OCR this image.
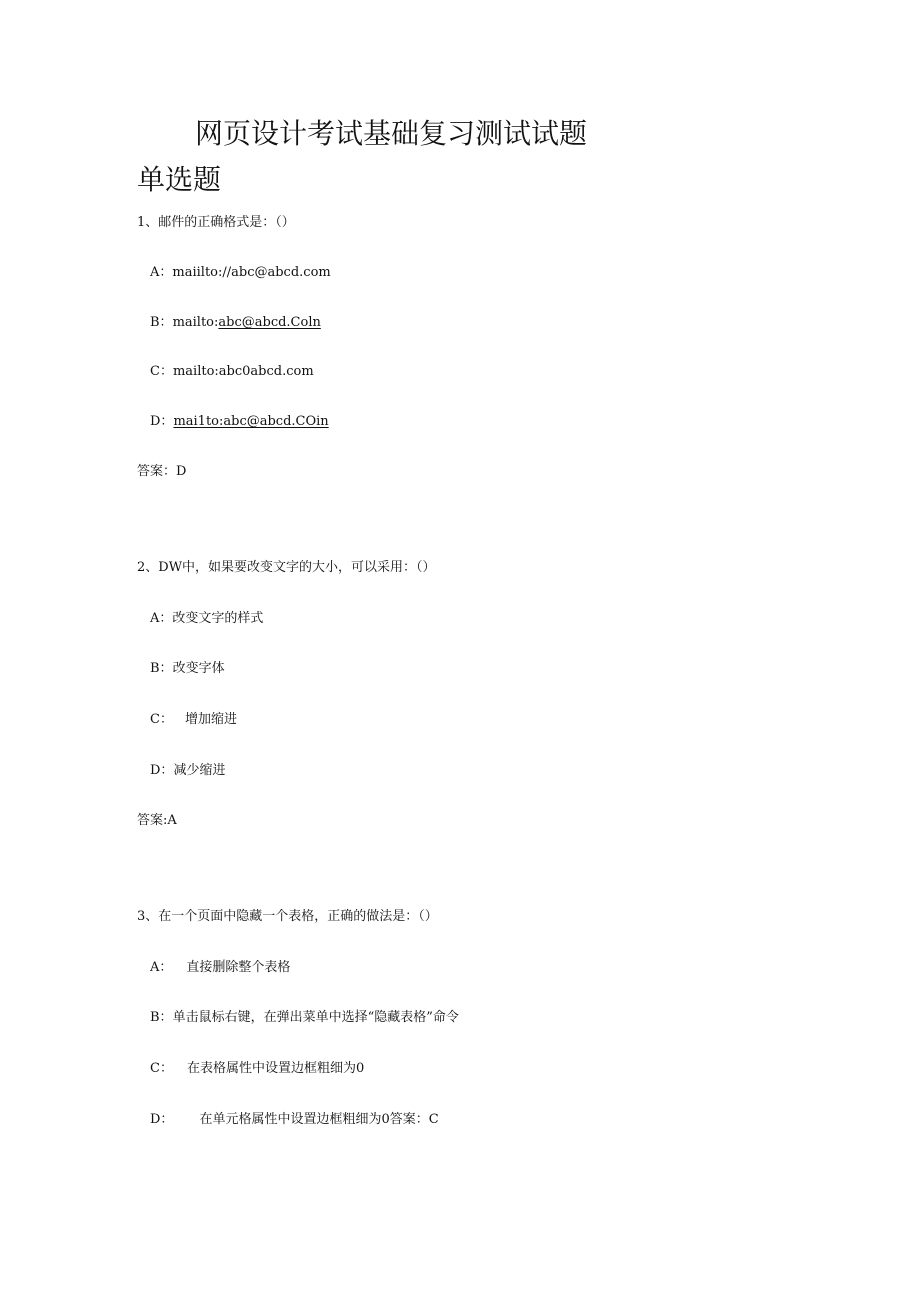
网页设计考试基础复习测试试题
单选题
1、邮件的正确格式是：（）
A：maiilto://abc@abcd.com
B：mailto:abc@abcd.Coln
C：mailto:abc0abcd.com
D：mai1to:abc@abcd.COin
答案：D
2、DW中，如果要改变文字的大小，可以采用：（）
A：改变文字的样式
B：改变字体
C： 增加缩进
D：减少缩进
答案:A
3、在一个页面中隐藏一个表格，正确的做法是：（）
A： 直接删除整个表格
B：单击鼠标右键，在弹出菜单中选择“隐藏表格”命令
C： 在表格属性中设置边框粗细为0
D： 在单元格属性中设置边框粗细为0答案：C
